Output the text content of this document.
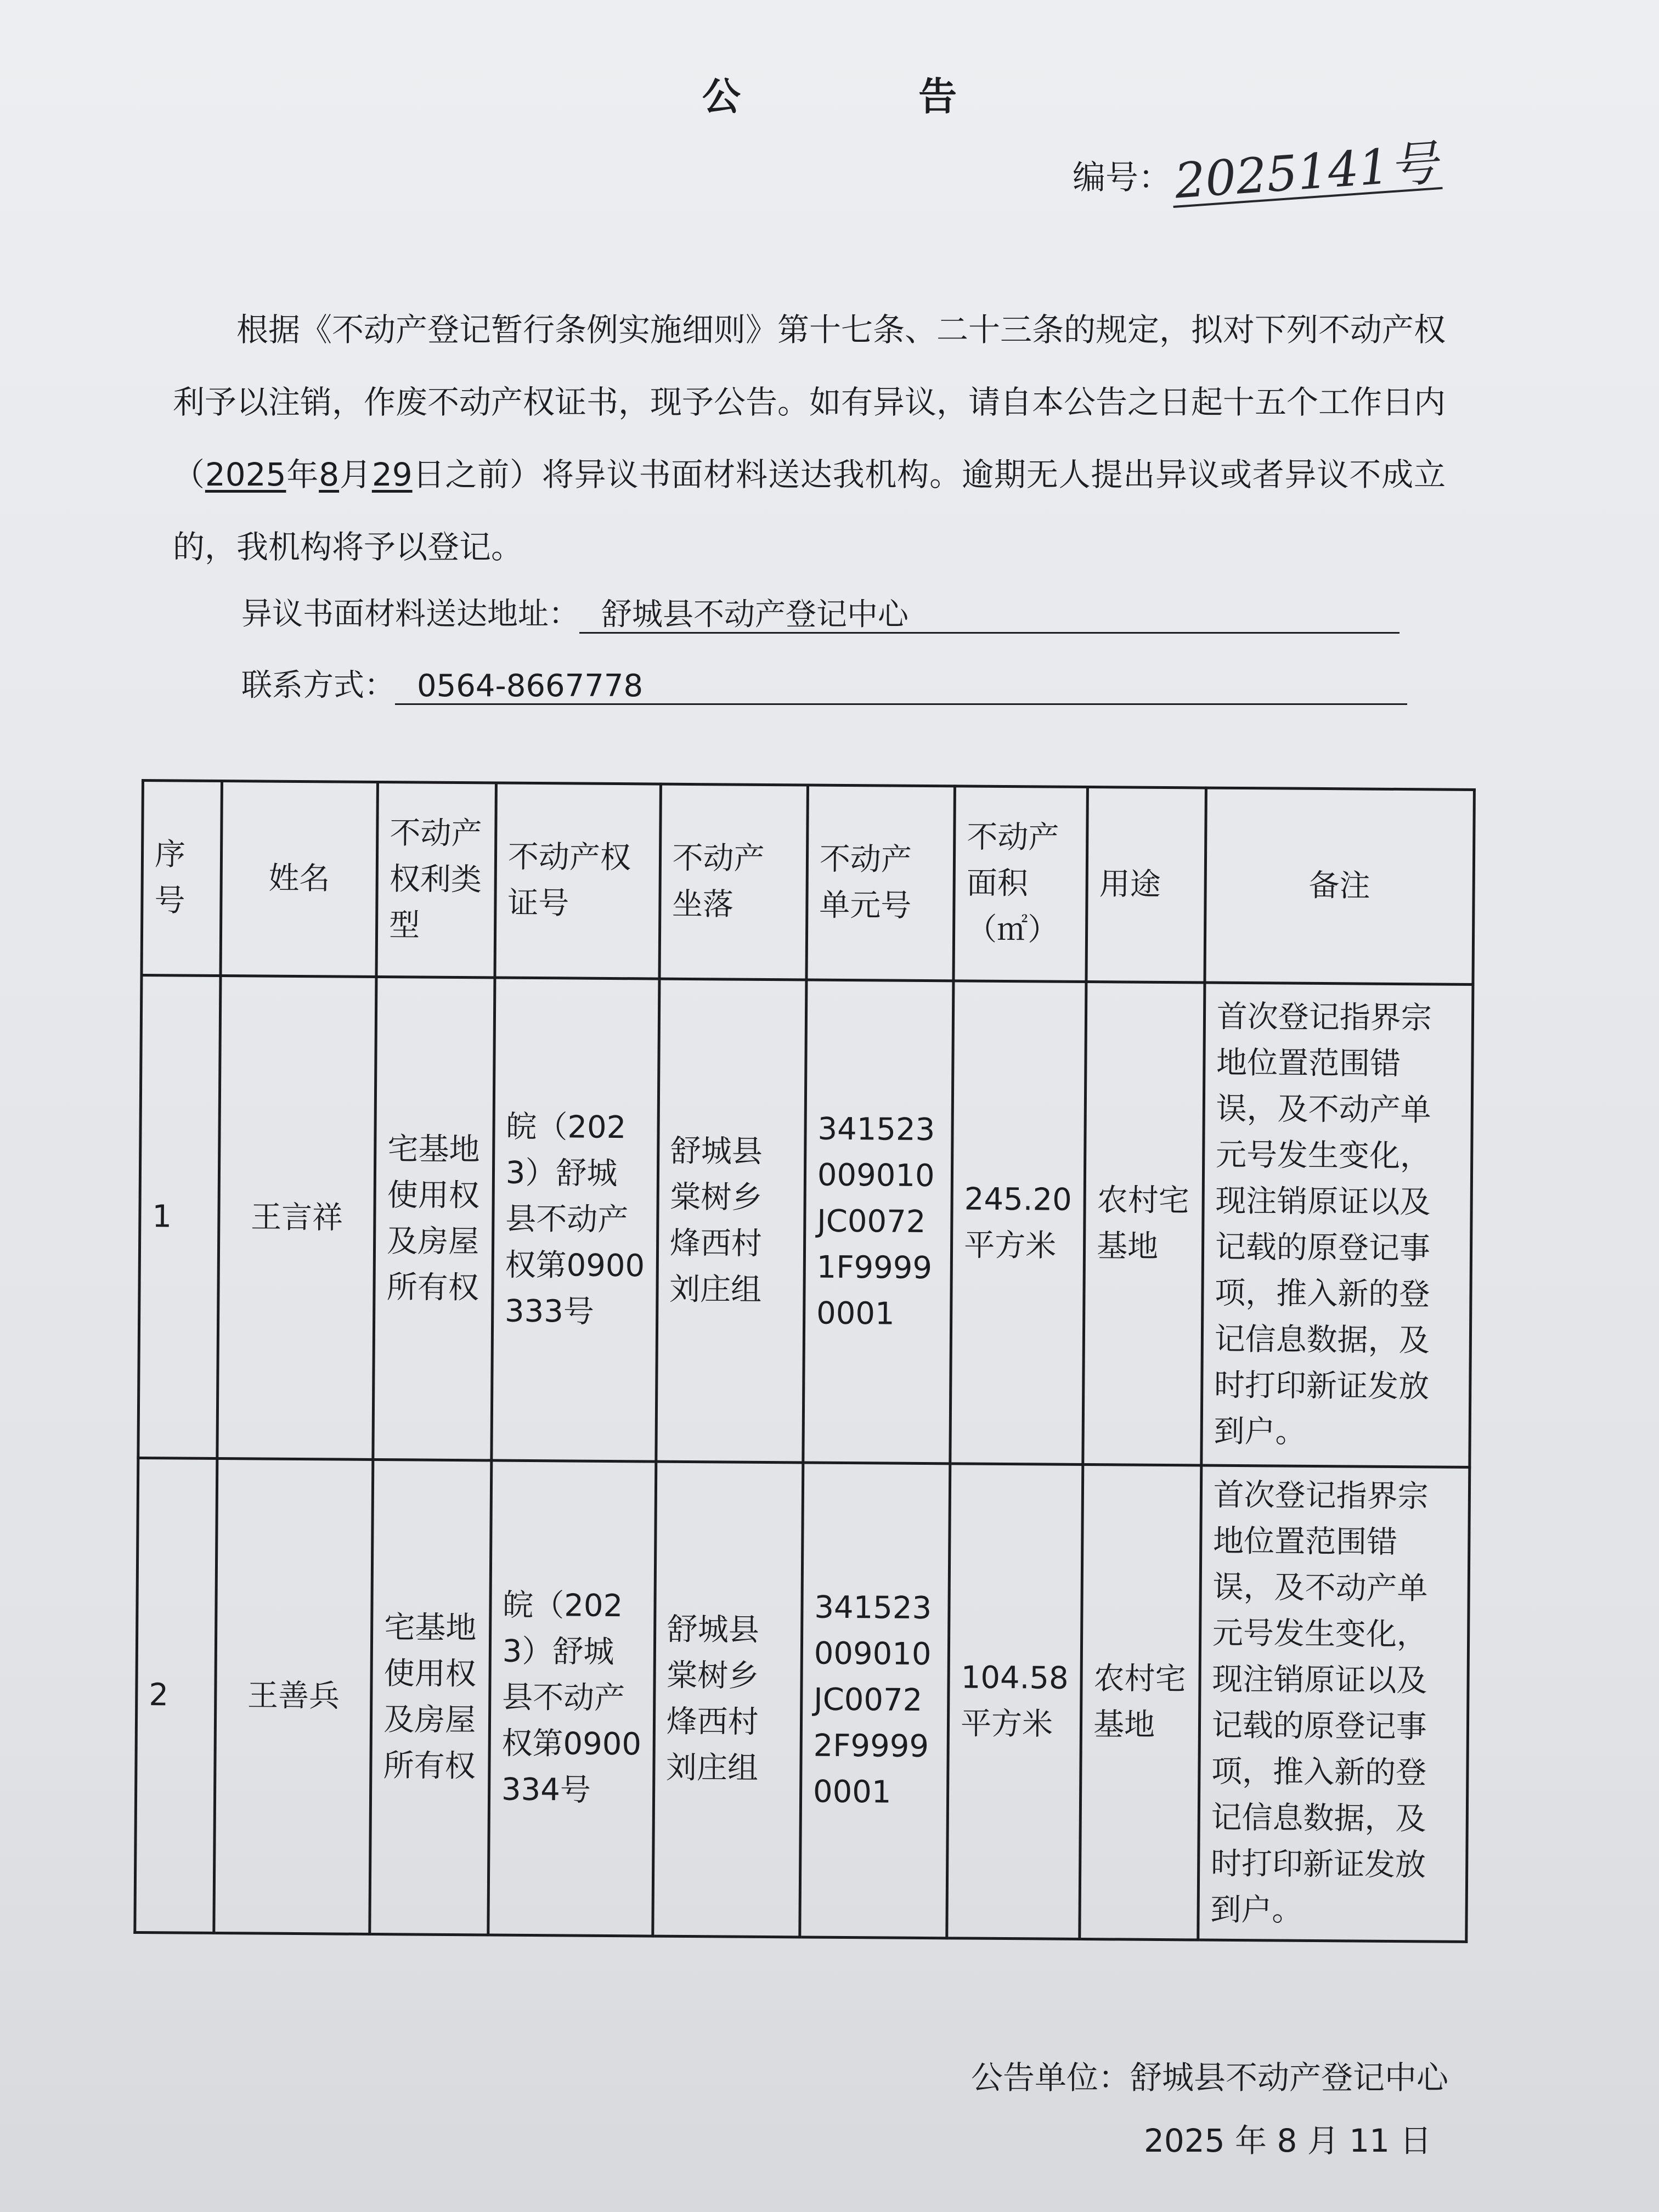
公 告
编号：2025141号

根据《不动产登记暂行条例实施细则》第十七条、二十三条的规定，拟对下列不动产权利予以注销，作废不动产权证书，现予公告。如有异议，请自本公告之日起十五个工作日内（2025年8月29日之前）将异议书面材料送达我机构。逾期无人提出异议或者异议不成立的，我机构将予以登记。

异议书面材料送达地址： 舒城县不动产登记中心
联系方式： 0564-8667778
序号	姓名	不动产权利类型	不动产权证号	不动产坐落	不动产单元号	不动产面积（㎡）	用途	备注
1	王言祥	宅基地使用权及房屋所有权	皖（2023）舒城县不动产权第0900333号	舒城县棠树乡烽西村刘庄组	341523009010JC00721F99990001	245.20平方米	农村宅基地	首次登记指界宗地位置范围错误，及不动产单元号发生变化，现注销原证以及记载的原登记事项，推入新的登记信息数据，及时打印新证发放到户。
2	王善兵	宅基地使用权及房屋所有权	皖（2023）舒城县不动产权第0900334号	舒城县棠树乡烽西村刘庄组	341523009010JC00722F99990001	104.58平方米	农村宅基地	首次登记指界宗地位置范围错误，及不动产单元号发生变化，现注销原证以及记载的原登记事项，推入新的登记信息数据，及时打印新证发放到户。
公告单位：舒城县不动产登记中心
2025 年 8 月 11 日
